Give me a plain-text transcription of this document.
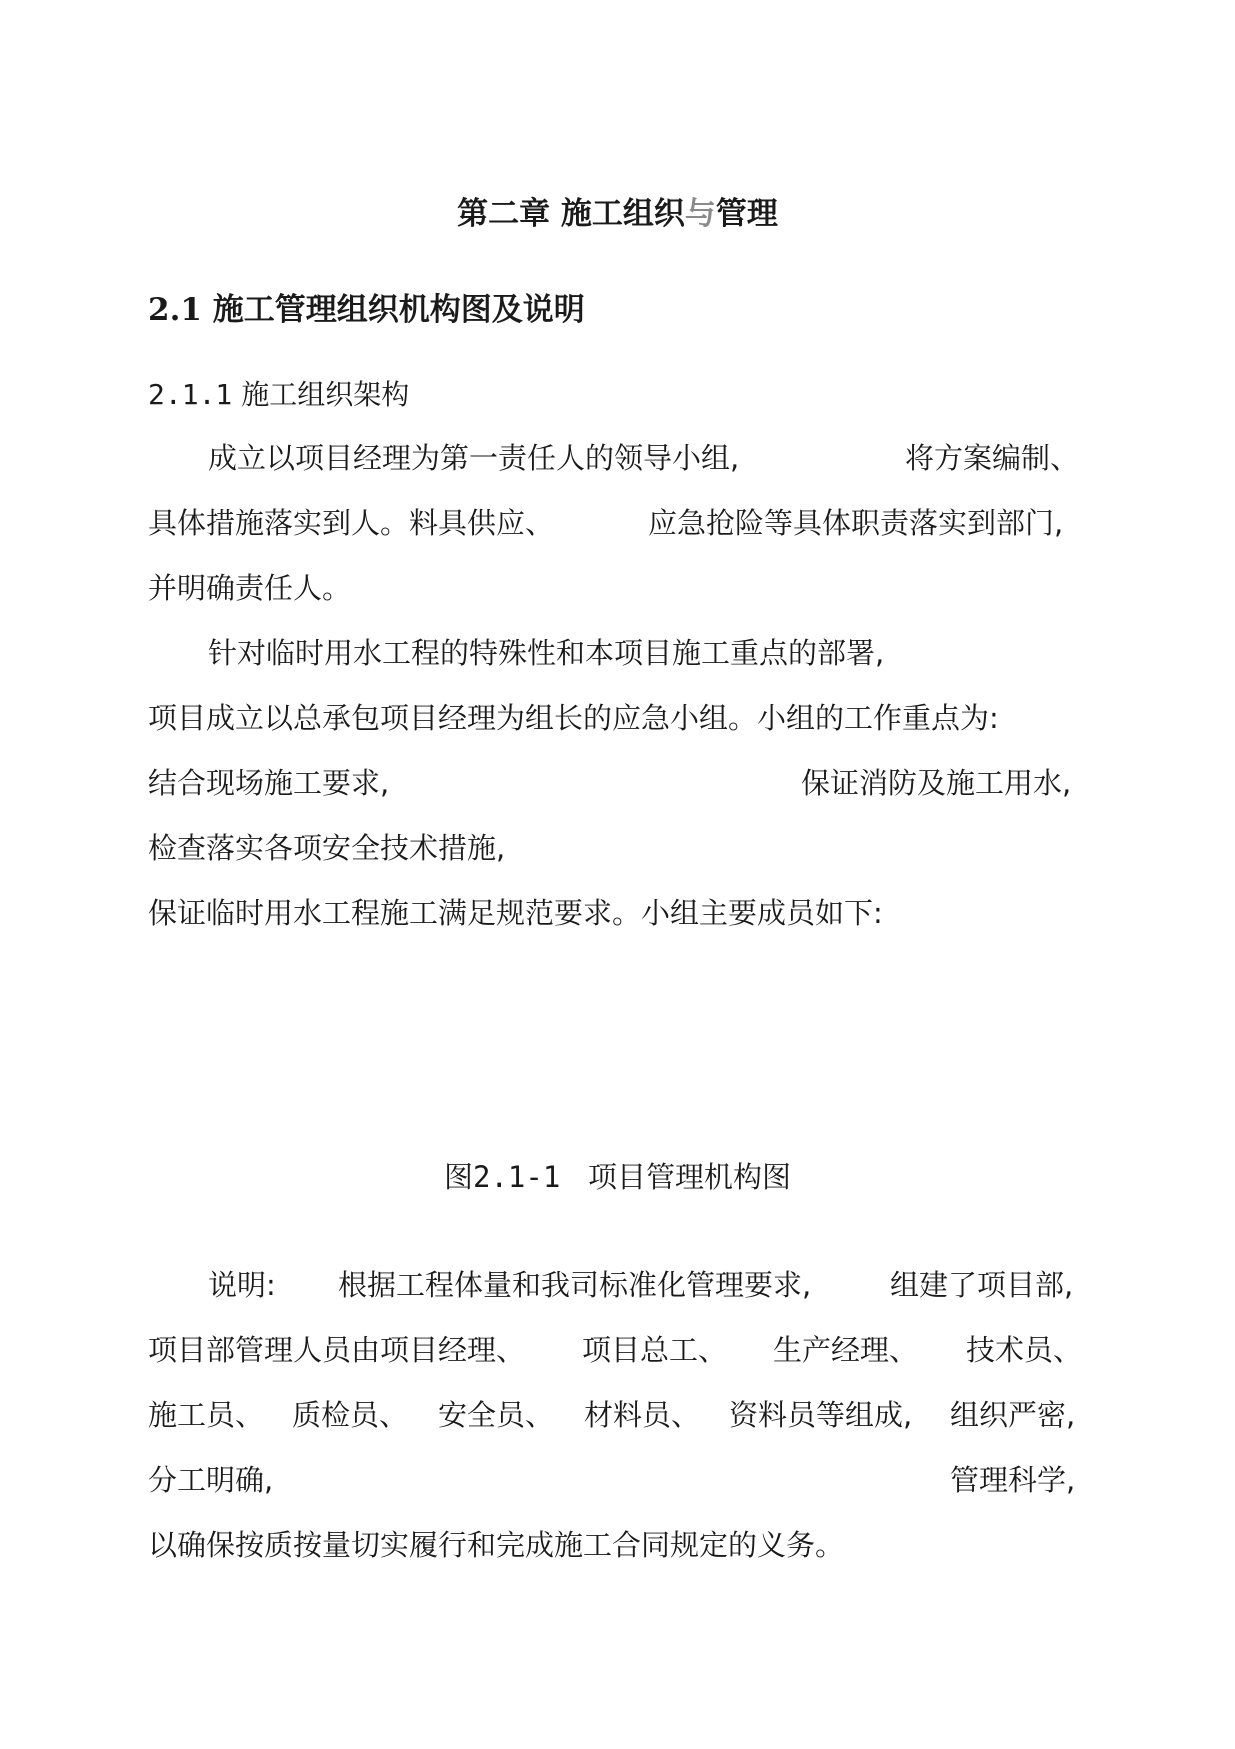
第二章 施工组织与管理
2.1 施工管理组织机构图及说明
2.1.1 施工组织架构
成立以项目经理为第一责任人的领导小组,	将方案编制、
具体措施落实到人。料具供应、	应急抢险等具体职责落实到部门,
并明确责任人。
针对临时用水工程的特殊性和本项目施工重点的部署,
项目成立以总承包项目经理为组长的应急小组。小组的工作重点为:
结合现场施工要求,	保证消防及施工用水,
检查落实各项安全技术措施,
保证临时用水工程施工满足规范要求。小组主要成员如下:
图2.1-1 项目管理机构图
说明: 根据工程体量和我司标准化管理要求,	组建了项目部,
项目部管理人员由项目经理、 项目总工、 生产经理、 技术员、
施工员、 质检员、 安全员、 材料员、 资料员等组成, 组织严密,
分工明确,	管理科学,
以确保按质按量切实履行和完成施工合同规定的义务。
